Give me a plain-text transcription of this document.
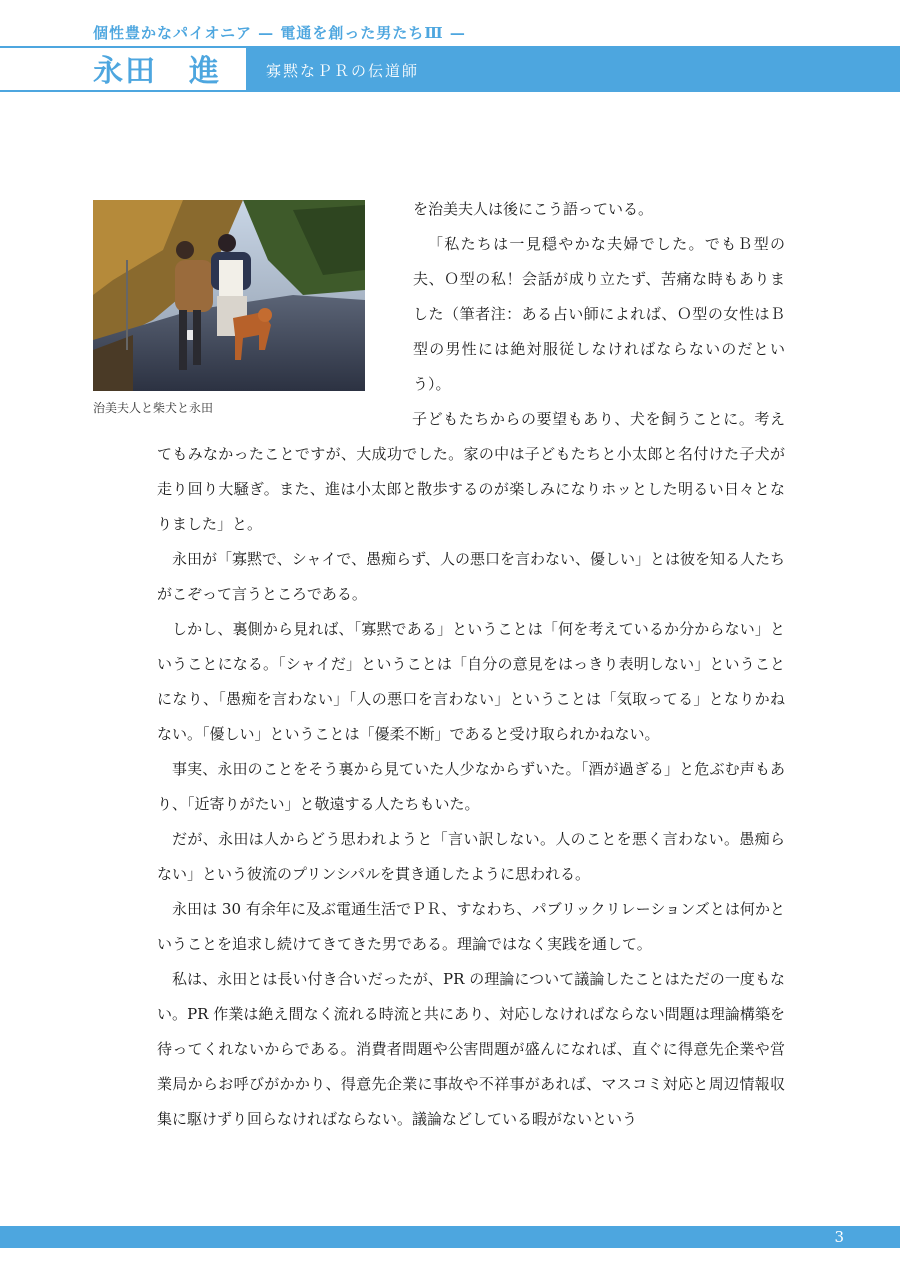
個性豊かなパイオニア — 電通を創った男たちⅢ —
永田　進	寡黙なＰＲの伝道師
治美夫人と柴犬と永田

を治美夫人は後にこう語っている。

「私たちは一見穏やかな夫婦でした。でもＢ型の夫、Ｏ型の私！会話が成り立たず、苦痛な時もありました（筆者注：ある占い師によれば、Ｏ型の女性はＢ型の男性には絶対服従しなければならないのだという）。

子どもたちからの要望もあり、犬を飼うことに。考えてもみなかったことですが、大成功でした。家の中は子どもたちと小太郎と名付けた子犬が走り回り大騒ぎ。また、進は小太郎と散歩するのが楽しみになりホッとした明るい日々となりました」と。

永田が「寡黙で、シャイで、愚痴らず、人の悪口を言わない、優しい」とは彼を知る人たちがこぞって言うところである。

しかし、裏側から見れば、「寡黙である」ということは「何を考えているか分からない」ということになる。「シャイだ」ということは「自分の意見をはっきり表明しない」ということになり、「愚痴を言わない」「人の悪口を言わない」ということは「気取ってる」となりかねない。「優しい」ということは「優柔不断」であると受け取られかねない。

事実、永田のことをそう裏から見ていた人少なからずいた。「酒が過ぎる」と危ぶむ声もあり、「近寄りがたい」と敬遠する人たちもいた。

だが、永田は人からどう思われようと「言い訳しない。人のことを悪く言わない。愚痴らない」という彼流のプリンシパルを貫き通したように思われる。

永田は 30 有余年に及ぶ電通生活でＰＲ、すなわち、パブリックリレーションズとは何かということを追求し続けてきてきた男である。理論ではなく実践を通して。

私は、永田とは長い付き合いだったが、PR の理論について議論したことはただの一度もない。PR 作業は絶え間なく流れる時流と共にあり、対応しなければならない問題は理論構築を待ってくれないからである。消費者問題や公害問題が盛んになれば、直ぐに得意先企業や営業局からお呼びがかかり、得意先企業に事故や不祥事があれば、マスコミ対応と周辺情報収集に駆けずり回らなければならない。議論などしている暇がないという

3
